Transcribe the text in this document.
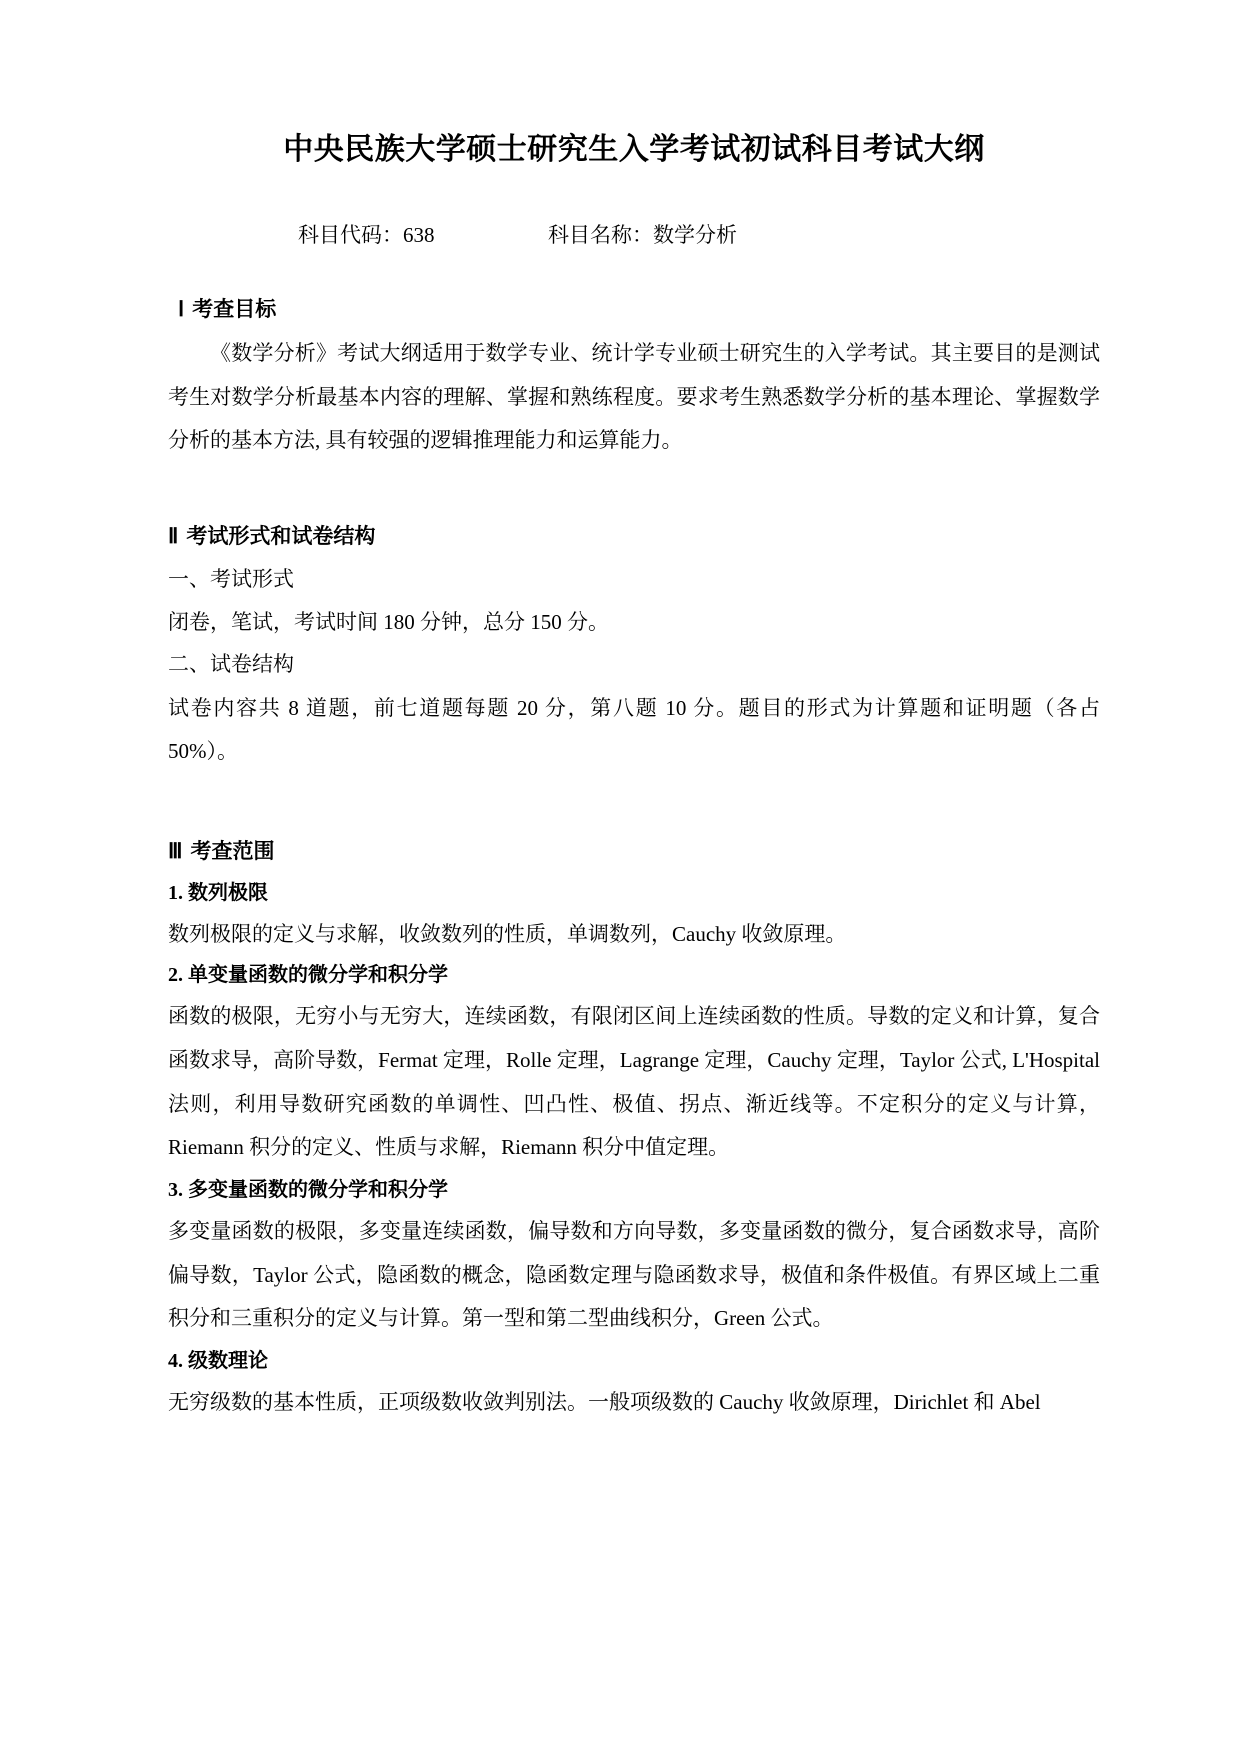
中央民族大学硕士研究生入学考试初试科目考试大纲
科目代码：638	科目名称：数学分析
Ⅰ 考查目标

《数学分析》考试大纲适用于数学专业、统计学专业硕士研究生的入学考试。其主要目的是测试考生对数学分析最基本内容的理解、掌握和熟练程度。要求考生熟悉数学分析的基本理论、掌握数学分析的基本方法, 具有较强的逻辑推理能力和运算能力。

Ⅱ 考试形式和试卷结构

一、考试形式

闭卷，笔试，考试时间 180 分钟，总分 150 分。

二、试卷结构

试卷内容共 8 道题，前七道题每题 20 分，第八题 10 分。题目的形式为计算题和证明题（各占 50%）。

Ⅲ 考查范围

1. 数列极限

数列极限的定义与求解，收敛数列的性质，单调数列，Cauchy 收敛原理。

2. 单变量函数的微分学和积分学

函数的极限，无穷小与无穷大，连续函数，有限闭区间上连续函数的性质。导数的定义和计算，复合函数求导，高阶导数，Fermat 定理，Rolle 定理，Lagrange 定理，Cauchy 定理，Taylor 公式, L'Hospital 法则，利用导数研究函数的单调性、凹凸性、极值、拐点、渐近线等。不定积分的定义与计算，Riemann 积分的定义、性质与求解，Riemann 积分中值定理。

3. 多变量函数的微分学和积分学

多变量函数的极限，多变量连续函数，偏导数和方向导数，多变量函数的微分，复合函数求导，高阶偏导数，Taylor 公式，隐函数的概念，隐函数定理与隐函数求导，极值和条件极值。有界区域上二重积分和三重积分的定义与计算。第一型和第二型曲线积分，Green 公式。

4. 级数理论

无穷级数的基本性质，正项级数收敛判别法。一般项级数的 Cauchy 收敛原理，Dirichlet 和 Abel
